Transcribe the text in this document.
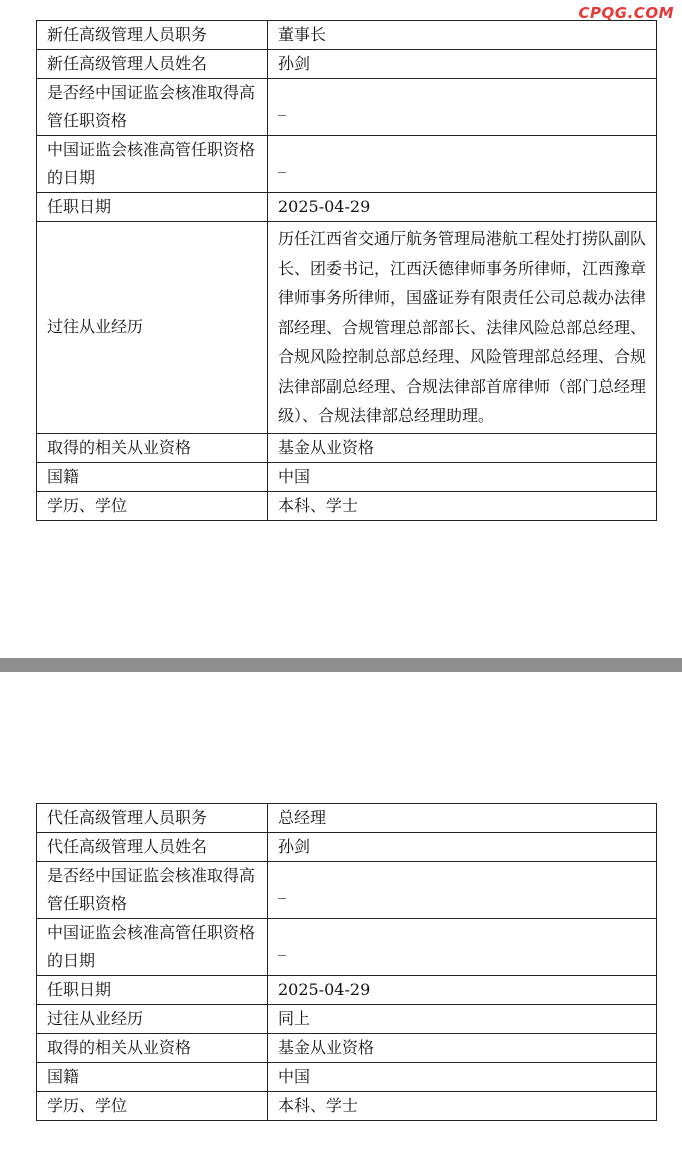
CPQG.COM
新任高级管理人员职务	董事长
新任高级管理人员姓名	孙剑
是否经中国证监会核准取得高管任职资格	_
中国证监会核准高管任职资格的日期	_
任职日期	2025-04-29
过往从业经历	历任江西省交通厅航务管理局港航工程处打捞队副队长、团委书记，江西沃德律师事务所律师，江西豫章律师事务所律师，国盛证券有限责任公司总裁办法律部经理、合规管理总部部长、法律风险总部总经理、合规风险控制总部总经理、风险管理部总经理、合规法律部副总经理、合规法律部首席律师（部门总经理级）、合规法律部总经理助理。
取得的相关从业资格	基金从业资格
国籍	中国
学历、学位	本科、学士
代任高级管理人员职务	总经理
代任高级管理人员姓名	孙剑
是否经中国证监会核准取得高管任职资格	_
中国证监会核准高管任职资格的日期	_
任职日期	2025-04-29
过往从业经历	同上
取得的相关从业资格	基金从业资格
国籍	中国
学历、学位	本科、学士
